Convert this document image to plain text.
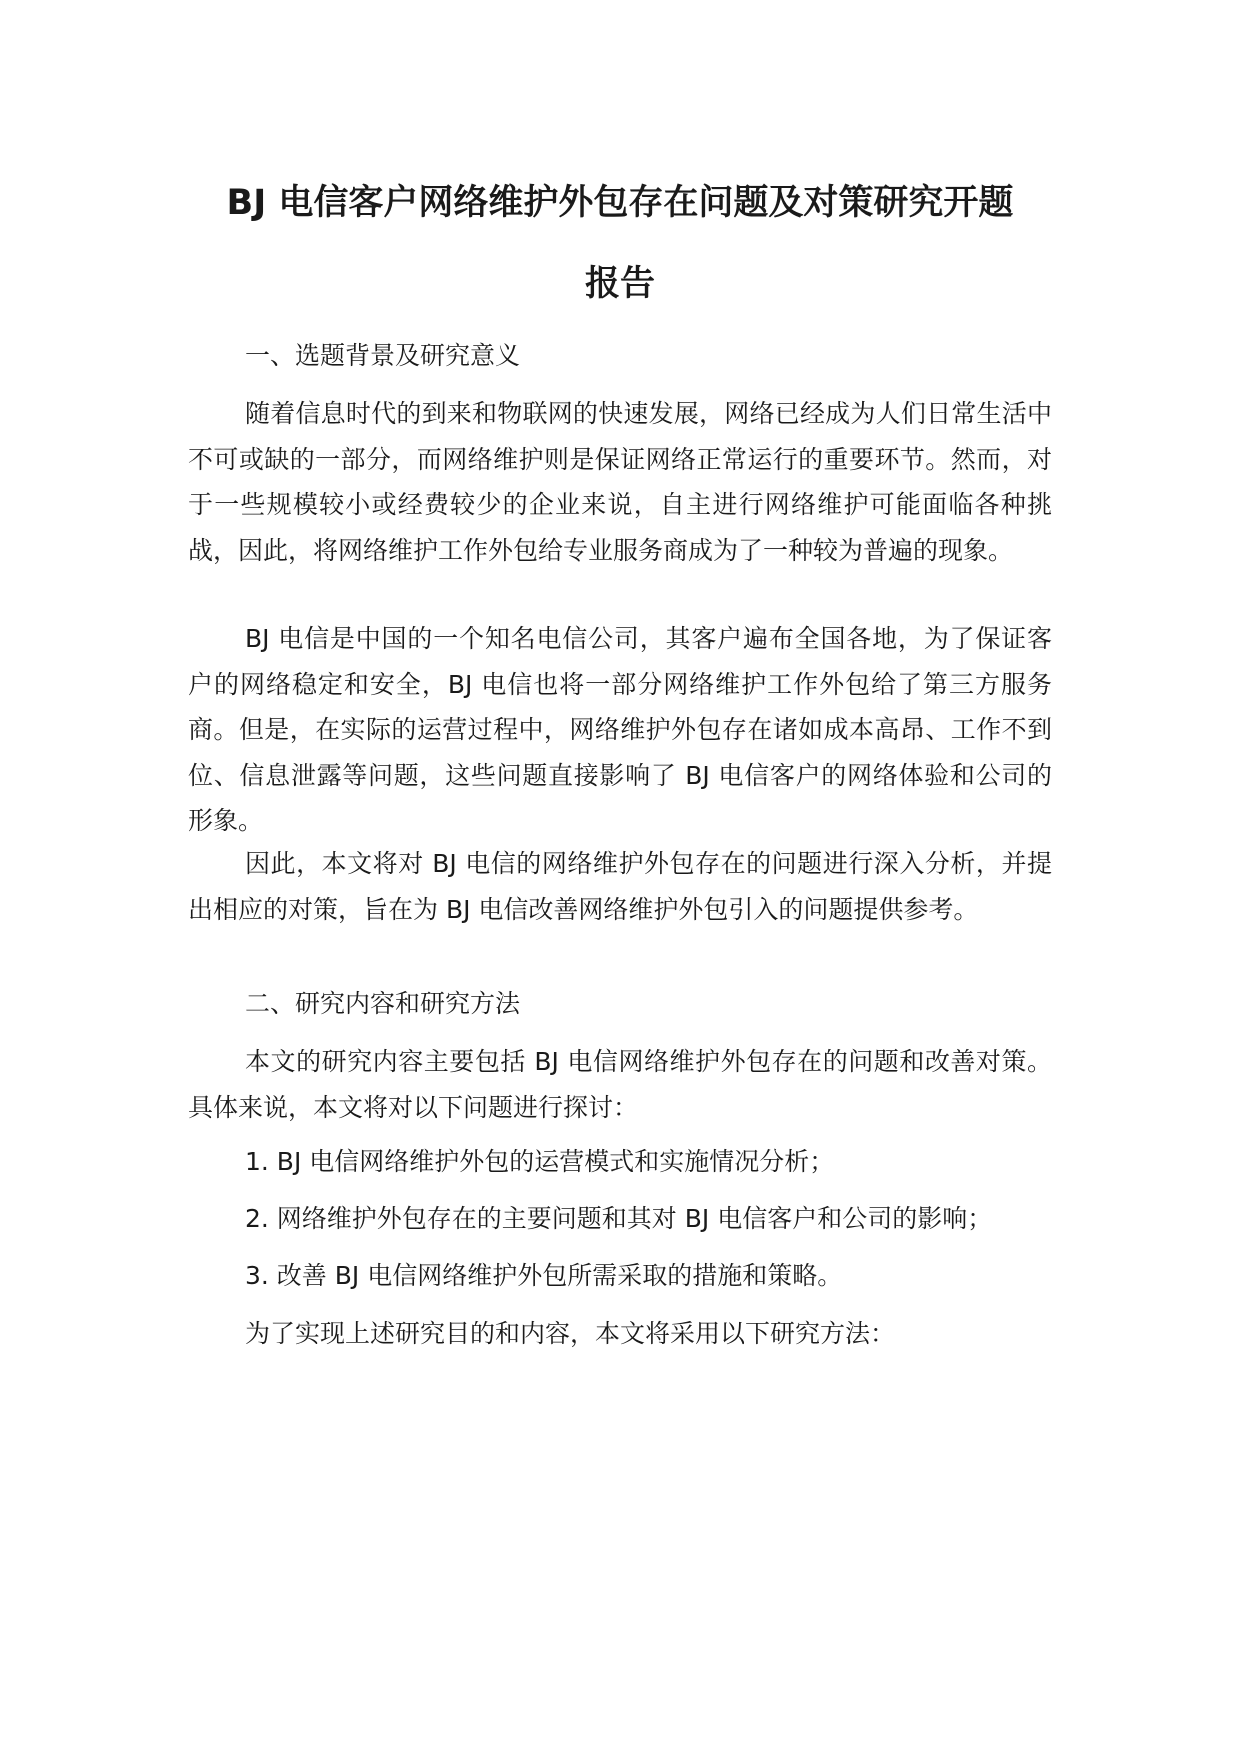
BJ 电信客户网络维护外包存在问题及对策研究开题
报告

一、选题背景及研究意义

随着信息时代的到来和物联网的快速发展，网络已经成为人们日常生活中不可或缺的一部分，而网络维护则是保证网络正常运行的重要环节。然而，对于一些规模较小或经费较少的企业来说，自主进行网络维护可能面临各种挑战，因此，将网络维护工作外包给专业服务商成为了一种较为普遍的现象。

BJ 电信是中国的一个知名电信公司，其客户遍布全国各地，为了保证客户的网络稳定和安全，BJ 电信也将一部分网络维护工作外包给了第三方服务商。但是，在实际的运营过程中，网络维护外包存在诸如成本高昂、工作不到位、信息泄露等问题，这些问题直接影响了 BJ 电信客户的网络体验和公司的形象。

因此，本文将对 BJ 电信的网络维护外包存在的问题进行深入分析，并提出相应的对策，旨在为 BJ 电信改善网络维护外包引入的问题提供参考。

二、研究内容和研究方法

本文的研究内容主要包括 BJ 电信网络维护外包存在的问题和改善对策。具体来说，本文将对以下问题进行探讨：

1. BJ 电信网络维护外包的运营模式和实施情况分析；

2. 网络维护外包存在的主要问题和其对 BJ 电信客户和公司的影响；

3. 改善 BJ 电信网络维护外包所需采取的措施和策略。

为了实现上述研究目的和内容，本文将采用以下研究方法：
